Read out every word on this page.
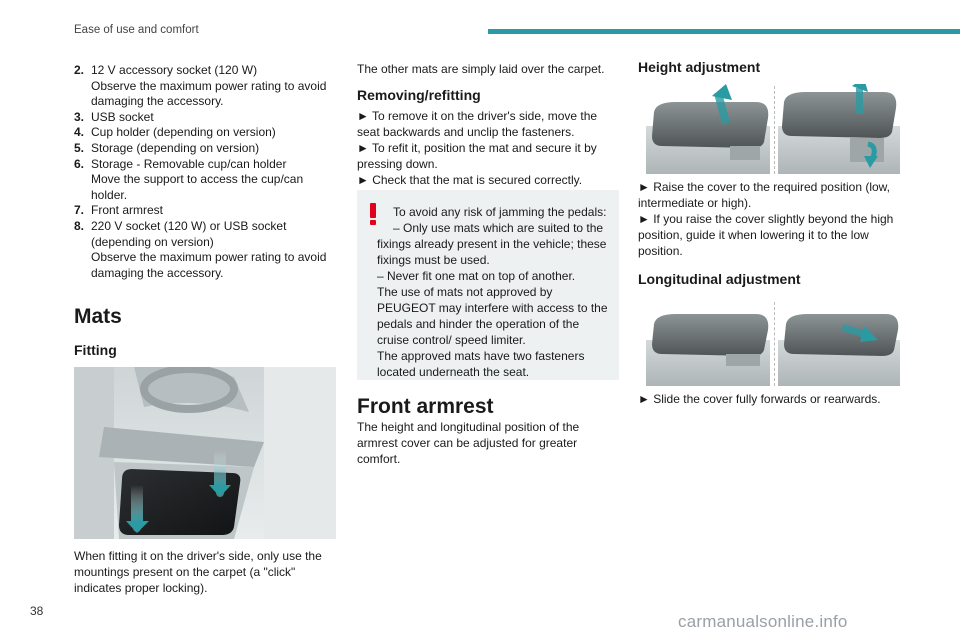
Ease of use and comfort
2. 12 V accessory socket (120 W)
Observe the maximum power rating to avoid damaging the accessory.
3. USB socket
4. Cup holder (depending on version)
5. Storage (depending on version)
6. Storage - Removable cup/can holder
Move the support to access the cup/can holder.
7. Front armrest
8. 220 V socket (120 W) or USB socket (depending on version)
Observe the maximum power rating to avoid damaging the accessory.
Mats
Fitting
When fitting it on the driver's side, only use the mountings present on the carpet (a "click" indicates proper locking).
The other mats are simply laid over the carpet.
Removing/refitting
► To remove it on the driver's side, move the seat backwards and unclip the fasteners.
► To refit it, position the mat and secure it by pressing down.
► Check that the mat is secured correctly.
To avoid any risk of jamming the pedals:
– Only use mats which are suited to the
fixings already present in the vehicle; these fixings must be used.
– Never fit one mat on top of another.
The use of mats not approved by PEUGEOT may interfere with access to the pedals and hinder the operation of the cruise control/ speed limiter.
The approved mats have two fasteners located underneath the seat.
Front armrest
The height and longitudinal position of the armrest cover can be adjusted for greater comfort.
Height adjustment
► Raise the cover to the required position (low, intermediate or high).
► If you raise the cover slightly beyond the high position, guide it when lowering it to the low position.
Longitudinal adjustment
► Slide the cover fully forwards or rearwards.
38
carmanualsonline.info
